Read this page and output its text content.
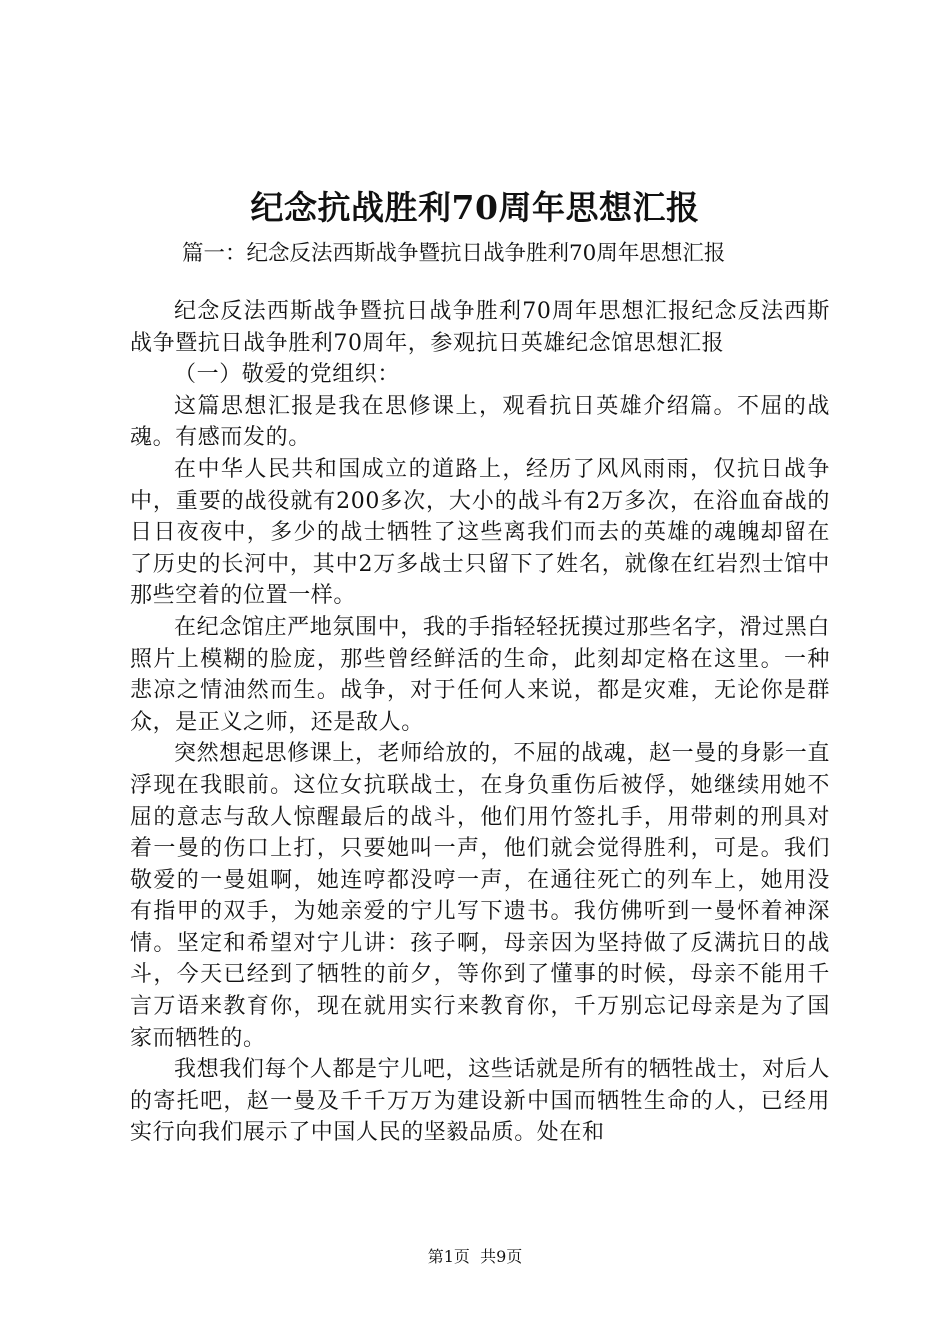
纪念抗战胜利70周年思想汇报

篇一：纪念反法西斯战争暨抗日战争胜利70周年思想汇报

纪念反法西斯战争暨抗日战争胜利70周年思想汇报纪念反法西斯战争暨抗日战争胜利70周年，参观抗日英雄纪念馆思想汇报

（一）敬爱的党组织：

这篇思想汇报是我在思修课上，观看抗日英雄介绍篇。不屈的战魂。有感而发的。

在中华人民共和国成立的道路上，经历了风风雨雨，仅抗日战争中，重要的战役就有200多次，大小的战斗有2万多次，在浴血奋战的日日夜夜中，多少的战士牺牲了这些离我们而去的英雄的魂魄却留在了历史的长河中，其中2万多战士只留下了姓名，就像在红岩烈士馆中那些空着的位置一样。

在纪念馆庄严地氛围中，我的手指轻轻抚摸过那些名字，滑过黑白照片上模糊的脸庞，那些曾经鲜活的生命，此刻却定格在这里。一种悲凉之情油然而生。战争，对于任何人来说，都是灾难，无论你是群众，是正义之师，还是敌人。

突然想起思修课上，老师给放的，不屈的战魂，赵一曼的身影一直浮现在我眼前。这位女抗联战士，在身负重伤后被俘，她继续用她不屈的意志与敌人惊醒最后的战斗，他们用竹签扎手，用带刺的刑具对着一曼的伤口上打，只要她叫一声，他们就会觉得胜利，可是。我们敬爱的一曼姐啊，她连哼都没哼一声，在通往死亡的列车上，她用没有指甲的双手，为她亲爱的宁儿写下遗书。我仿佛听到一曼怀着神深情。坚定和希望对宁儿讲：孩子啊，母亲因为坚持做了反满抗日的战斗，今天已经到了牺牲的前夕，等你到了懂事的时候，母亲不能用千言万语来教育你，现在就用实行来教育你，千万别忘记母亲是为了国家而牺牲的。

我想我们每个人都是宁儿吧，这些话就是所有的牺牲战士，对后人的寄托吧，赵一曼及千千万万为建设新中国而牺牲生命的人，已经用实行向我们展示了中国人民的坚毅品质。处在和

第1页  共9页
